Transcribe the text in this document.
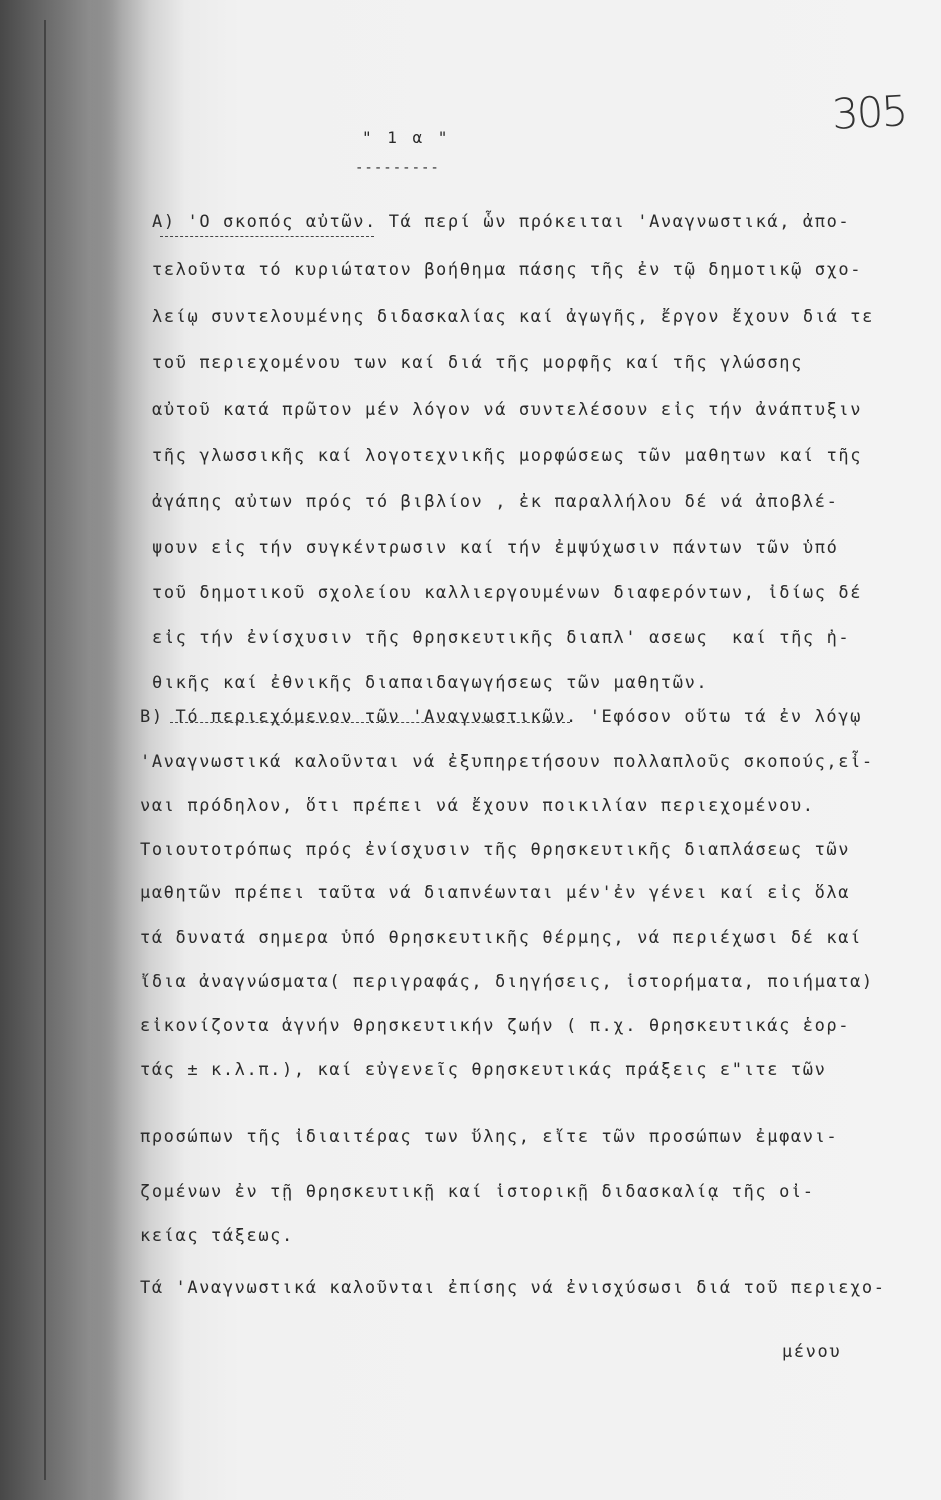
305
" 1 α "
---------
Α) 'Ο σκοπός αὐτῶν. Τά περί ὧν πρόκειται 'Αναγνωστικά, ἀπο-
τελοῦντα τό κυριώτατον βοήθημα πάσης τῆς ἐν τῷ δημοτικῷ σχο-
λείῳ συντελουμένης διδασκαλίας καί ἀγωγῆς, ἔργον ἔχουν διά τε
τοῦ περιεχομένου των καί διά τῆς μορφῆς καί τῆς γλώσσης
αὐτοῦ κατά πρῶτον μέν λόγον νά συντελέσουν εἰς τήν ἀνάπτυξιν
τῆς γλωσσικῆς καί λογοτεχνικῆς μορφώσεως τῶν μαθητων καί τῆς
ἀγάπης αὐτων πρός τό βιβλίον , ἐκ παραλλήλου δέ νά ἀποβλέ-
ψουν εἰς τήν συγκέντρωσιν καί τήν ἐμψύχωσιν πάντων τῶν ὑπό
τοῦ δημοτικοῦ σχολείου καλλιεργουμένων διαφερόντων, ἰδίως δέ
εἰς τήν ἐνίσχυσιν τῆς θρησκευτικῆς διαπλ' ασεως  καί τῆς ἠ-
θικῆς καί ἐθνικῆς διαπαιδαγωγήσεως τῶν μαθητῶν.
Β) Τό περιεχόμενον τῶν 'Αναγνωστικῶν. 'Εφόσον οὕτω τά ἐν λόγῳ
'Αναγνωστικά καλοῦνται νά ἐξυπηρετήσουν πολλαπλοῦς σκοπούς,εἶ-
ναι πρόδηλον, ὅτι πρέπει νά ἔχουν ποικιλίαν περιεχομένου.
Τοιουτοτρόπως πρός ἐνίσχυσιν τῆς θρησκευτικῆς διαπλάσεως τῶν
μαθητῶν πρέπει ταῦτα νά διαπνέωνται μέν'ἐν γένει καί εἰς ὅλα
τά δυνατά σημερα ὑπό θρησκευτικῆς θέρμης, νά περιέχωσι δέ καί
ἴδια ἀναγνώσματα( περιγραφάς, διηγήσεις, ἱστορήματα, ποιήματα)
εἰκονίζοντα ἁγνήν θρησκευτικήν ζωήν ( π.χ. θρησκευτικάς ἑορ-
τάς ± κ.λ.π.), καί εὐγενεῖς θρησκευτικάς πράξεις ε"ιτε τῶν
προσώπων τῆς ἰδιαιτέρας των ὕλης, εἴτε τῶν προσώπων ἐμφανι-
ζομένων ἐν τῇ θρησκευτικῇ καί ἱστορικῇ διδασκαλίᾳ τῆς οἰ-
κείας τάξεως.
Τά 'Αναγνωστικά καλοῦνται ἐπίσης νά ἐνισχύσωσι διά τοῦ περιεχο-
μένου
